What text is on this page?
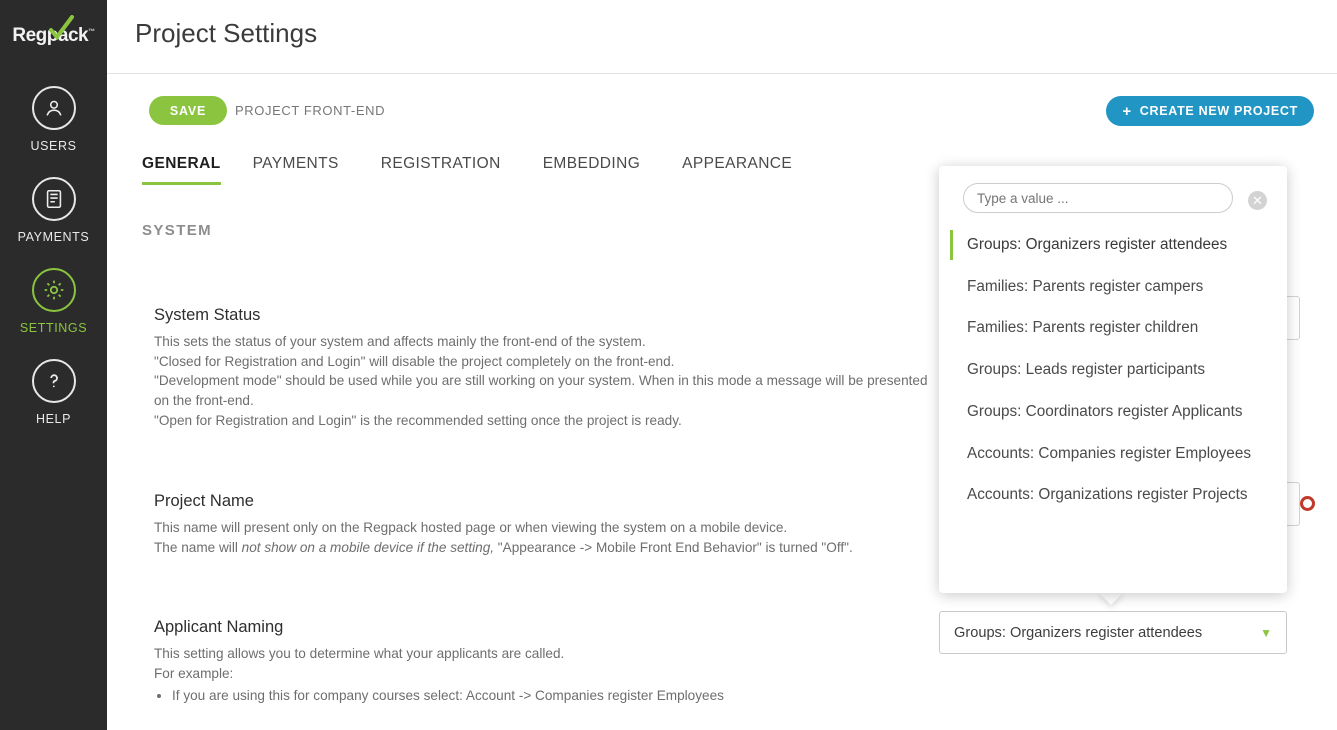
Regpack™
USERS
PAYMENTS
SETTINGS
HELP
Project Settings
SAVE	PROJECT FRONT-END	+ CREATE NEW PROJECT
GENERAL PAYMENTS	REGISTRATION	EMBEDDING	APPEARANCE
SYSTEM
System Status
This sets the status of your system and affects mainly the front-end of the system.
"Closed for Registration and Login" will disable the project completely on the front-end.
"Development mode" should be used while you are still working on your system. When in this mode a message will be presented on the front-end.
"Open for Registration and Login" is the recommended setting once the project is ready.
Project Name
This name will present only on the Regpack hosted page or when viewing the system on a mobile device.
The name will not show on a mobile device if the setting, "Appearance -> Mobile Front End Behavior" is turned "Off".
Applicant Naming
This setting allows you to determine what your applicants are called.
For example:
• If you are using this for company courses select: Account -> Companies register Employees
Groups: Organizers register attendees	▼
Type a value ...
✕
Groups: Organizers register attendees
Families: Parents register campers
Families: Parents register children
Groups: Leads register participants
Groups: Coordinators register Applicants
Accounts: Companies register Employees
Accounts: Organizations register Projects
